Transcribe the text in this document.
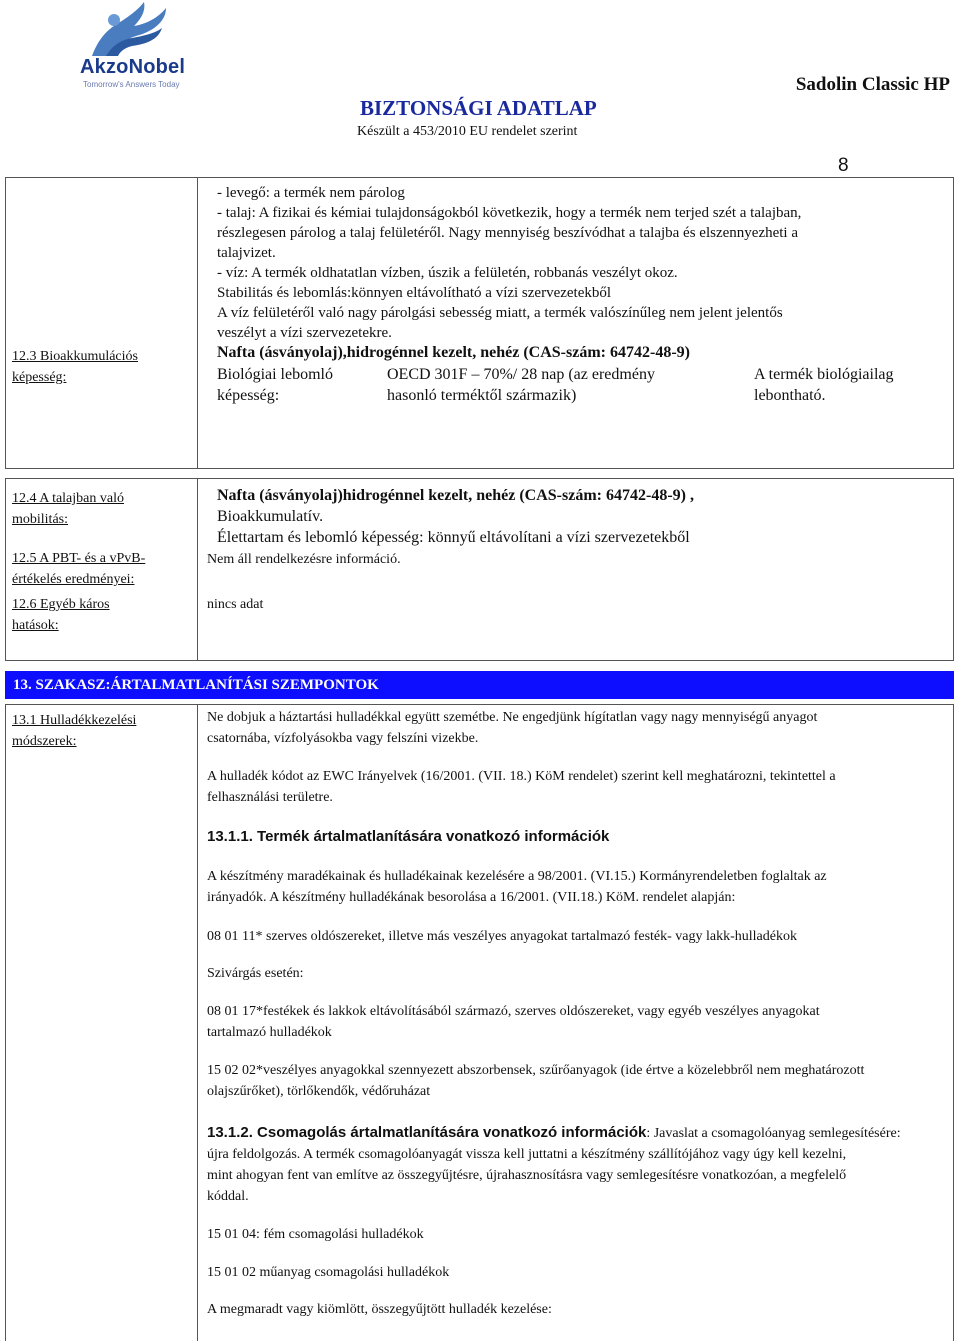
AkzoNobel
Tomorrow's Answers Today
BIZTONSÁGI ADATLAP
Készült a 453/2010 EU rendelet szerint
Sadolin Classic HP
8
- levegő: a termék nem párolog
- talaj: A fizikai és kémiai tulajdonságokból következik, hogy a termék nem terjed szét a talajban,
részlegesen párolog a talaj felületéről. Nagy mennyiség beszívódhat a talajba és elszennyezheti a
talajvizet.
- víz: A termék oldhatatlan vízben, úszik a felületén, robbanás veszélyt okoz.
Stabilitás és lebomlás:könnyen eltávolítható a vízi szervezetekből
A víz felületéről való nagy párolgási sebesség miatt, a termék valószínűleg nem jelent jelentős
veszélyt a vízi szervezetekre.
12.3 Bioakkumulációs
képesség:
Nafta (ásványolaj),hidrogénnel kezelt, nehéz (CAS-szám: 64742-48-9)
Biológiai lebomló
képesség:
OECD 301F – 70%/ 28 nap (az eredmény
hasonló terméktől származik)
A termék biológiailag
lebontható.
12.4 A talajban való
mobilitás:
12.5 A PBT- és a vPvB-
értékelés eredményei:
12.6 Egyéb káros
hatások:
Nafta (ásványolaj)hidrogénnel kezelt, nehéz (CAS-szám: 64742-48-9) ,
Bioakkumulatív.
Élettartam és lebomló képesség: könnyű eltávolítani a vízi szervezetekből
Nem áll rendelkezésre információ.
nincs adat
13. SZAKASZ:ÁRTALMATLANÍTÁSI SZEMPONTOK
13.1 Hulladékkezelési
módszerek:
Ne dobjuk a háztartási hulladékkal együtt szemétbe. Ne engedjünk hígítatlan vagy nagy mennyiségű anyagot
csatornába, vízfolyásokba vagy felszíni vizekbe.
A hulladék kódot az EWC Irányelvek (16/2001. (VII. 18.) KöM rendelet) szerint kell meghatározni, tekintettel a
felhasználási területre.
13.1.1. Termék ártalmatlanítására vonatkozó információk
A készítmény maradékainak és hulladékainak kezelésére a 98/2001. (VI.15.) Kormányrendeletben foglaltak az
irányadók. A készítmény hulladékának besorolása a 16/2001. (VII.18.) KöM. rendelet alapján:
08 01 11* szerves oldószereket, illetve más veszélyes anyagokat tartalmazó festék- vagy lakk-hulladékok
Szivárgás esetén:
08 01 17*festékek és lakkok eltávolításából származó, szerves oldószereket, vagy egyéb veszélyes anyagokat
tartalmazó hulladékok
15 02 02*veszélyes anyagokkal szennyezett abszorbensek, szűrőanyagok (ide értve a közelebbről nem meghatározott
olajszűrőket), törlőkendők, védőruházat
13.1.2. Csomagolás ártalmatlanítására vonatkozó információk: Javaslat a csomagolóanyag semlegesítésére:
újra feldolgozás. A termék csomagolóanyagát vissza kell juttatni a készítmény szállítójához vagy úgy kell kezelni,
mint ahogyan fent van említve az összegyűjtésre, újrahasznosításra vagy semlegesítésre vonatkozóan, a megfelelő
kóddal.
15 01 04: fém csomagolási hulladékok
15 01 02 műanyag csomagolási hulladékok
A megmaradt vagy kiömlött, összegyűjtött hulladék kezelése:
